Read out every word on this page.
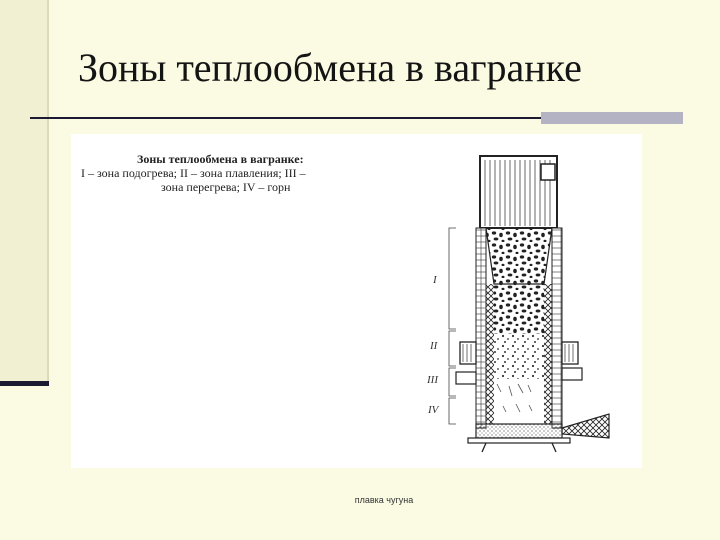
Зоны теплообмена в вагранке
Зоны теплообмена в вагранке:
I – зона подогрева; II – зона плавления; III –
зона перегрева; IV – горн
I
II
III
IV
плавка чугуна
